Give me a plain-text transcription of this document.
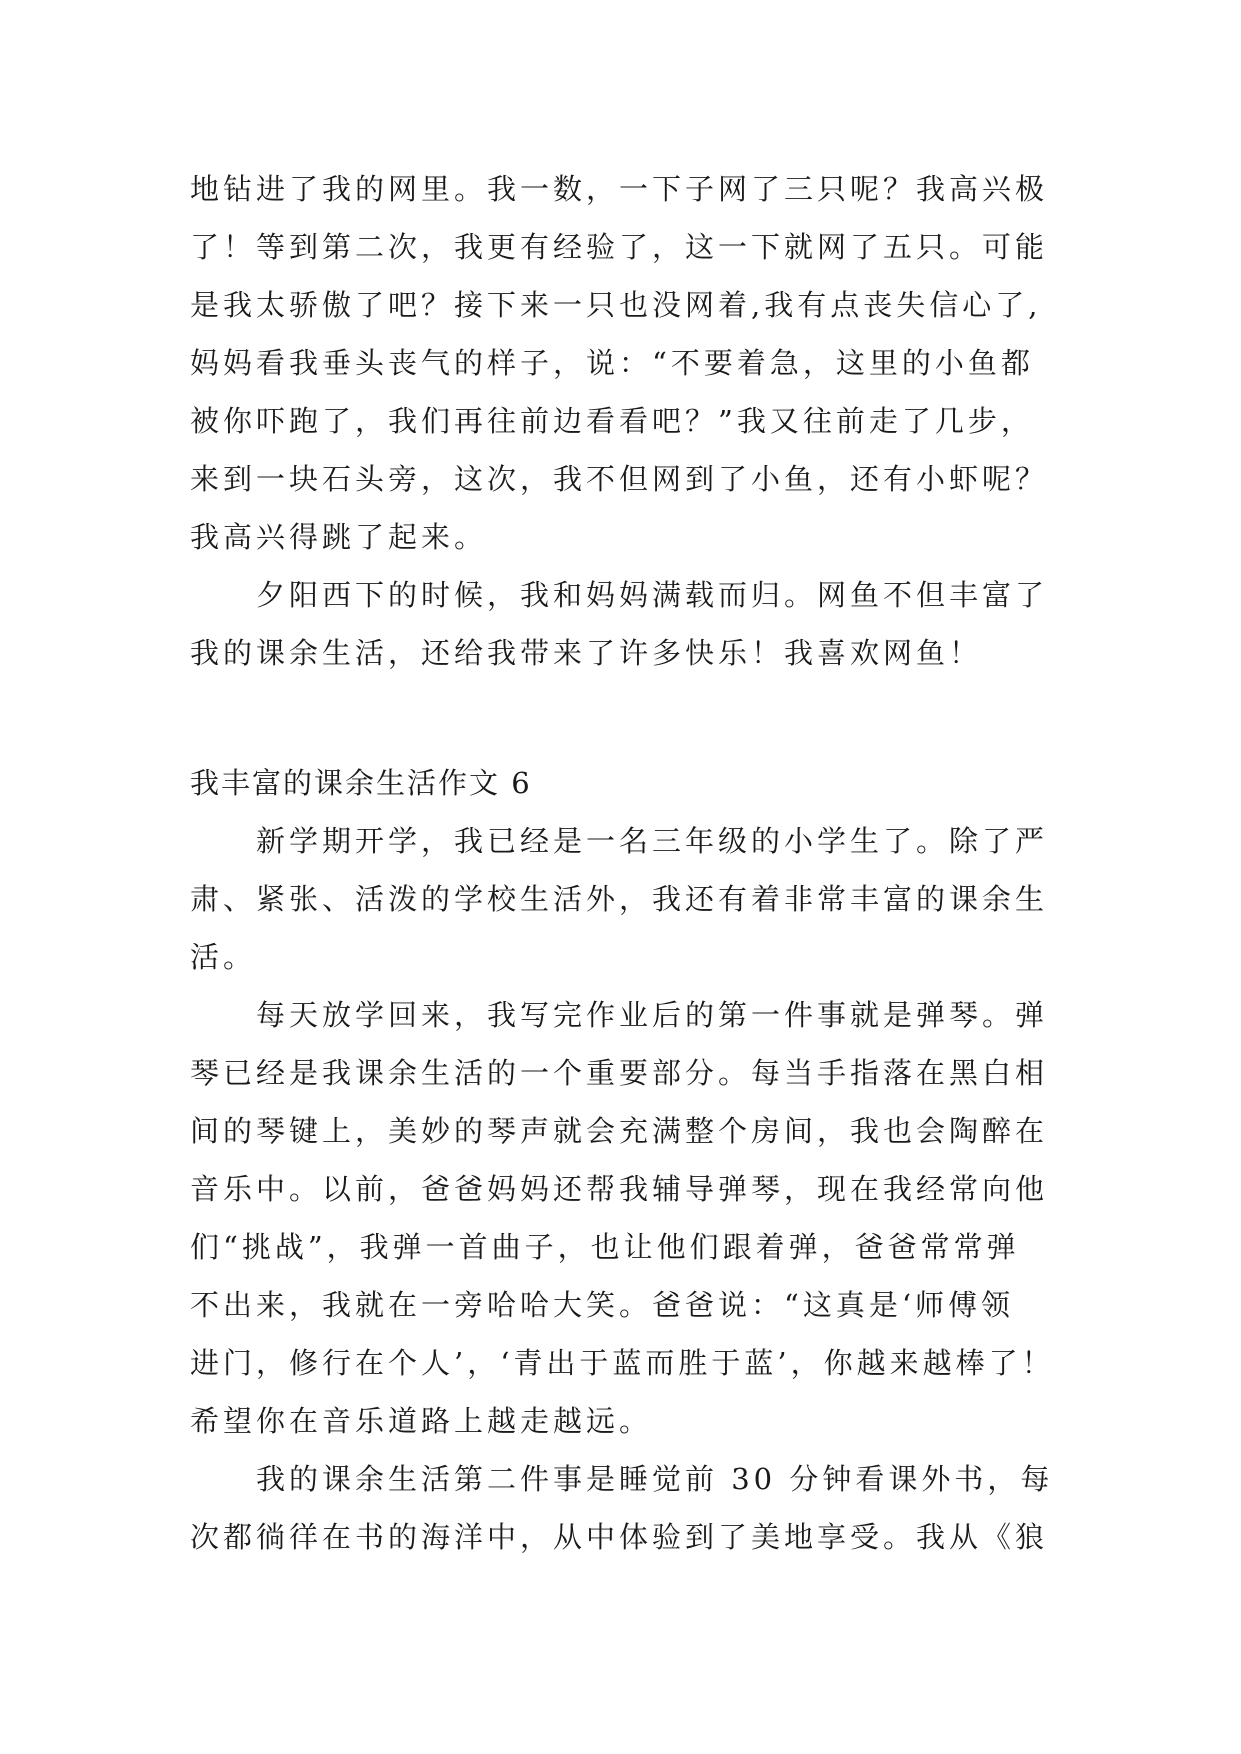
地钻进了我的网里。我一数，一下子网了三只呢？我高兴极
了！等到第二次，我更有经验了，这一下就网了五只。可能
是我太骄傲了吧？接下来一只也没网着,我有点丧失信心了,
妈妈看我垂头丧气的样子，说：“不要着急，这里的小鱼都
被你吓跑了，我们再往前边看看吧？”我又往前走了几步，
来到一块石头旁，这次，我不但网到了小鱼，还有小虾呢？
我高兴得跳了起来。
夕阳西下的时候，我和妈妈满载而归。网鱼不但丰富了
我的课余生活，还给我带来了许多快乐！我喜欢网鱼！
我丰富的课余生活作文 6
新学期开学，我已经是一名三年级的小学生了。除了严
肃、紧张、活泼的学校生活外，我还有着非常丰富的课余生
活。
每天放学回来，我写完作业后的第一件事就是弹琴。弹
琴已经是我课余生活的一个重要部分。每当手指落在黑白相
间的琴键上，美妙的琴声就会充满整个房间，我也会陶醉在
音乐中。以前，爸爸妈妈还帮我辅导弹琴，现在我经常向他
们“挑战”，我弹一首曲子，也让他们跟着弹，爸爸常常弹
不出来，我就在一旁哈哈大笑。爸爸说：“这真是‘师傅领
进门，修行在个人’，‘青出于蓝而胜于蓝’，你越来越棒了！
希望你在音乐道路上越走越远。
我的课余生活第二件事是睡觉前 30 分钟看课外书，每
次都徜徉在书的海洋中，从中体验到了美地享受。我从《狼
